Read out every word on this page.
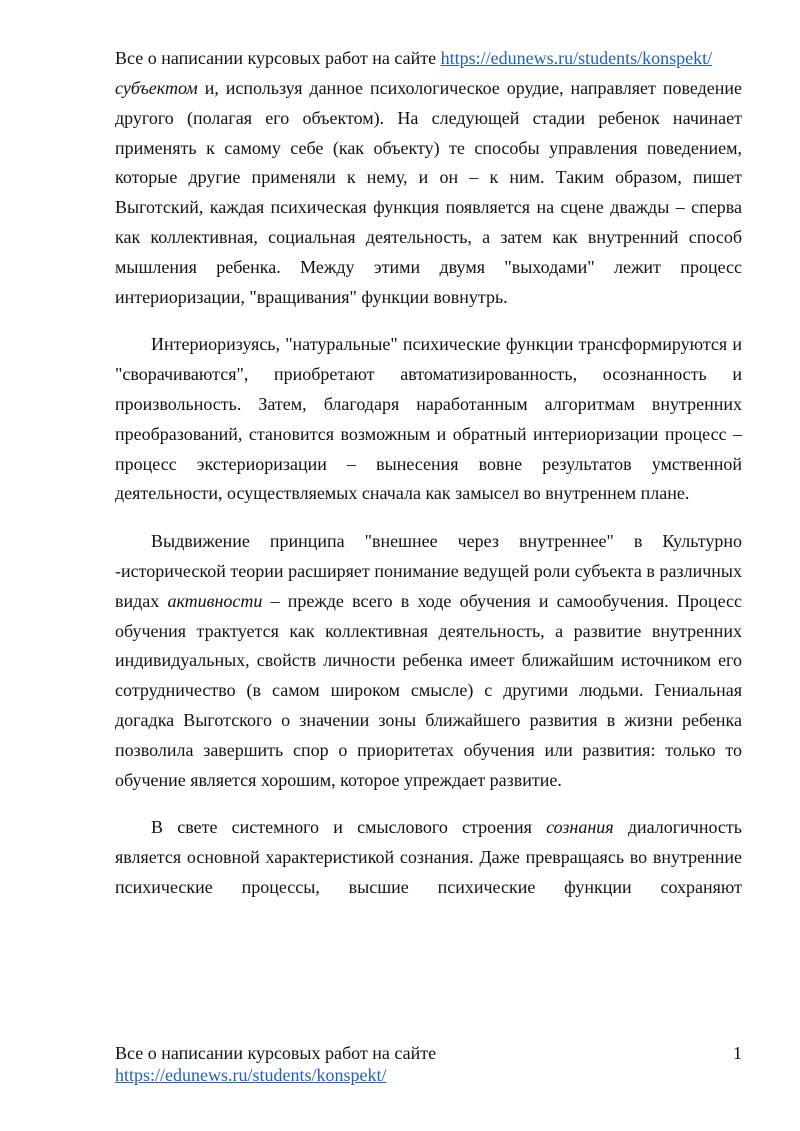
Все о написании курсовых работ на сайте https://edunews.ru/students/konspekt/

субъектом и, используя данное психологическое орудие, направляет поведение другого (полагая его объектом). На следующей стадии ребенок начинает применять к самому себе (как объекту) те способы управления поведением, которые другие применяли к нему, и он – к ним. Таким образом, пишет Выготский, каждая психическая функция появляется на сцене дважды – сперва как коллективная, социальная деятельность, а затем как внутренний способ мышления ребенка. Между этими двумя "выходами" лежит процесс интериоризации, "вращивания" функции вовнутрь.

Интериоризуясь, "натуральные" психические функции трансформируются и "сворачиваются", приобретают автоматизированность, осознанность и произвольность. Затем, благодаря наработанным алгоритмам внутренних преобразований, становится возможным и обратный интериоризации процесс – процесс экстериоризации – вынесения вовне результатов умственной деятельности, осуществляемых сначала как замысел во внутреннем плане.

Выдвижение принципа "внешнее через внутреннее" в Культурно -исторической теории расширяет понимание ведущей роли субъекта в различных видах активности – прежде всего в ходе обучения и самообучения. Процесс обучения трактуется как коллективная деятельность, а развитие внутренних индивидуальных, свойств личности ребенка имеет ближайшим источником его сотрудничество (в самом широком смысле) с другими людьми. Гениальная догадка Выготского о значении зоны ближайшего развития в жизни ребенка позволила завершить спор о приоритетах обучения или развития: только то обучение является хорошим, которое упреждает развитие.

В свете системного и смыслового строения сознания диалогичность является основной характеристикой сознания. Даже превращаясь во внутренние психические процессы, высшие психические функции сохраняют

Все о написании курсовых работ на сайте	1
https://edunews.ru/students/konspekt/
